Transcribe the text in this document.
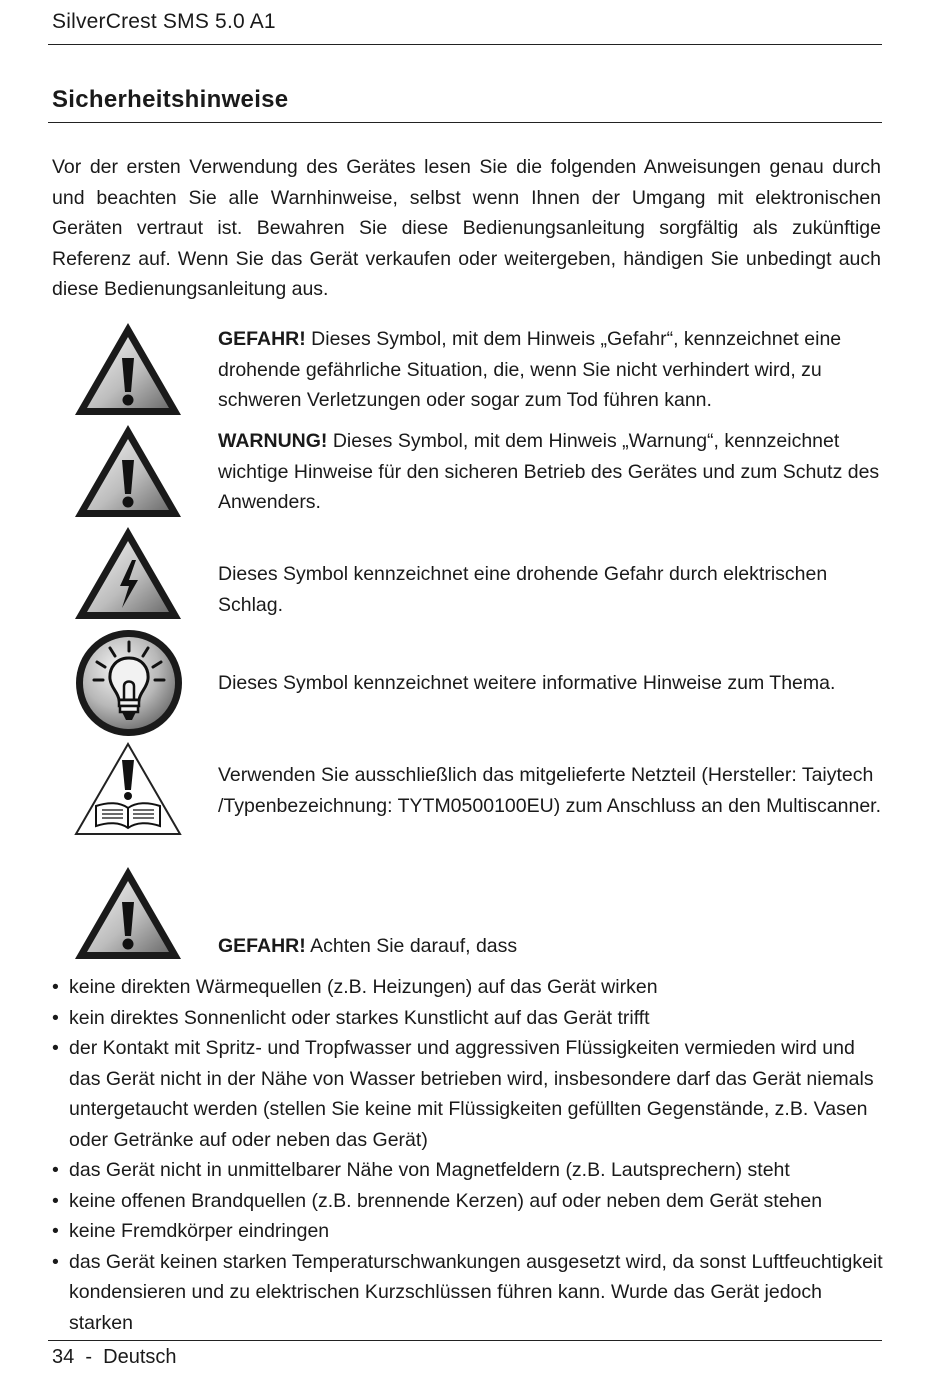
SilverCrest SMS 5.0 A1
Sicherheitshinweise
Vor der ersten Verwendung des Gerätes lesen Sie die folgenden Anweisungen genau durch und beachten Sie alle Warnhinweise, selbst wenn Ihnen der Umgang mit elektronischen Geräten vertraut ist. Bewahren Sie diese Bedienungsanleitung sorgfältig als zukünftige Referenz auf. Wenn Sie das Gerät verkaufen oder weitergeben, händigen Sie unbedingt auch diese Bedienungsanleitung aus.
GEFAHR! Dieses Symbol, mit dem Hinweis „Gefahr“, kennzeichnet eine drohende gefährliche Situation, die, wenn Sie nicht verhindert wird, zu schweren Verletzungen oder sogar zum Tod führen kann.
WARNUNG! Dieses Symbol, mit dem Hinweis „Warnung“, kennzeichnet wichtige Hinweise für den sicheren Betrieb des Gerätes und zum Schutz des Anwenders.
Dieses Symbol kennzeichnet eine drohende Gefahr durch elektrischen Schlag.
Dieses Symbol kennzeichnet weitere informative Hinweise zum Thema.
Verwenden Sie ausschließlich das mitgelieferte Netzteil (Hersteller: Taiytech /Typenbezeichnung: TYTM0500100EU) zum Anschluss an den Multiscanner.
GEFAHR! Achten Sie darauf, dass
• keine direkten Wärmequellen (z.B. Heizungen) auf das Gerät wirken
• kein direktes Sonnenlicht oder starkes Kunstlicht auf das Gerät trifft
• der Kontakt mit Spritz- und Tropfwasser und aggressiven Flüssigkeiten vermieden wird und das Gerät nicht in der Nähe von Wasser betrieben wird, insbesondere darf das Gerät niemals untergetaucht werden (stellen Sie keine mit Flüssigkeiten gefüllten Gegenstände, z.B. Vasen oder Getränke auf oder neben das Gerät)
• das Gerät nicht in unmittelbarer Nähe von Magnetfeldern (z.B. Lautsprechern) steht
• keine offenen Brandquellen (z.B. brennende Kerzen) auf oder neben dem Gerät stehen
• keine Fremdkörper eindringen
• das Gerät keinen starken Temperaturschwankungen ausgesetzt wird, da sonst Luftfeuchtigkeit kondensieren und zu elektrischen Kurzschlüssen führen kann. Wurde das Gerät jedoch starken
34 - Deutsch
